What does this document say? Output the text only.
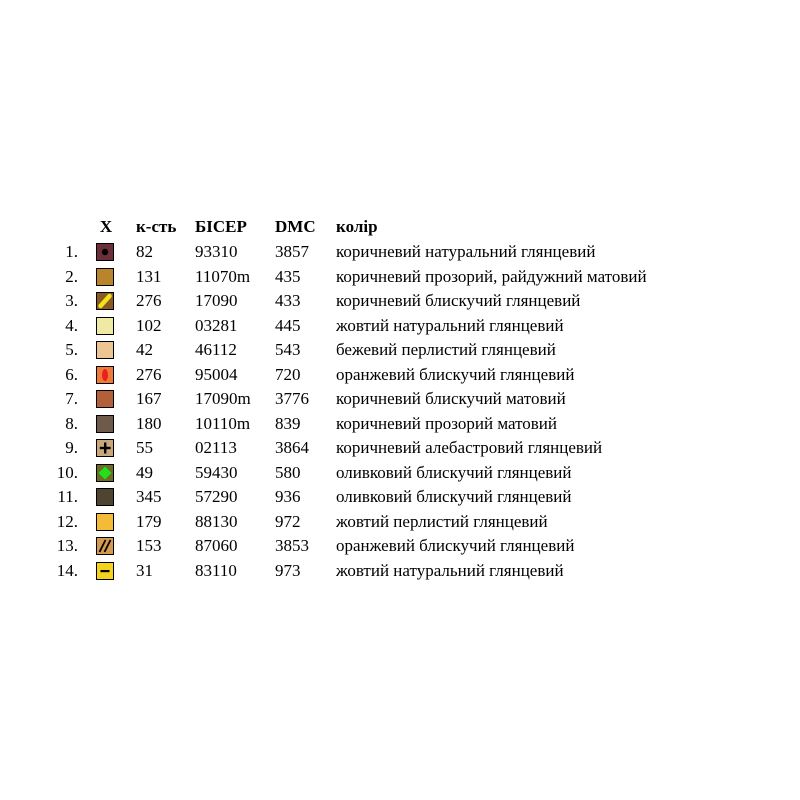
X к-сть БІСЕР DMC колір
1.	82 93310 3857 коричневий натуральний глянцевий
2.	131 11070m 435 коричневий прозорий, райдужний матовий
3.	276 17090 433 коричневий блискучий глянцевий
4.	102 03281 445 жовтий натуральний глянцевий
5.	42 46112 543 бежевий перлистий глянцевий
6.	276 95004 720 оранжевий блискучий глянцевий
7.	167 17090m 3776 коричневий блискучий матовий
8.	180 10110m 839 коричневий прозорий матовий
9.	55 02113 3864 коричневий алебастровий глянцевий
10.	49 59430 580 оливковий блискучий глянцевий
11.	345 57290 936 оливковий блискучий глянцевий
12.	179 88130 972 жовтий перлистий глянцевий
13.	153 87060 3853 оранжевий блискучий глянцевий
14.	31 83110 973 жовтий натуральний глянцевий
